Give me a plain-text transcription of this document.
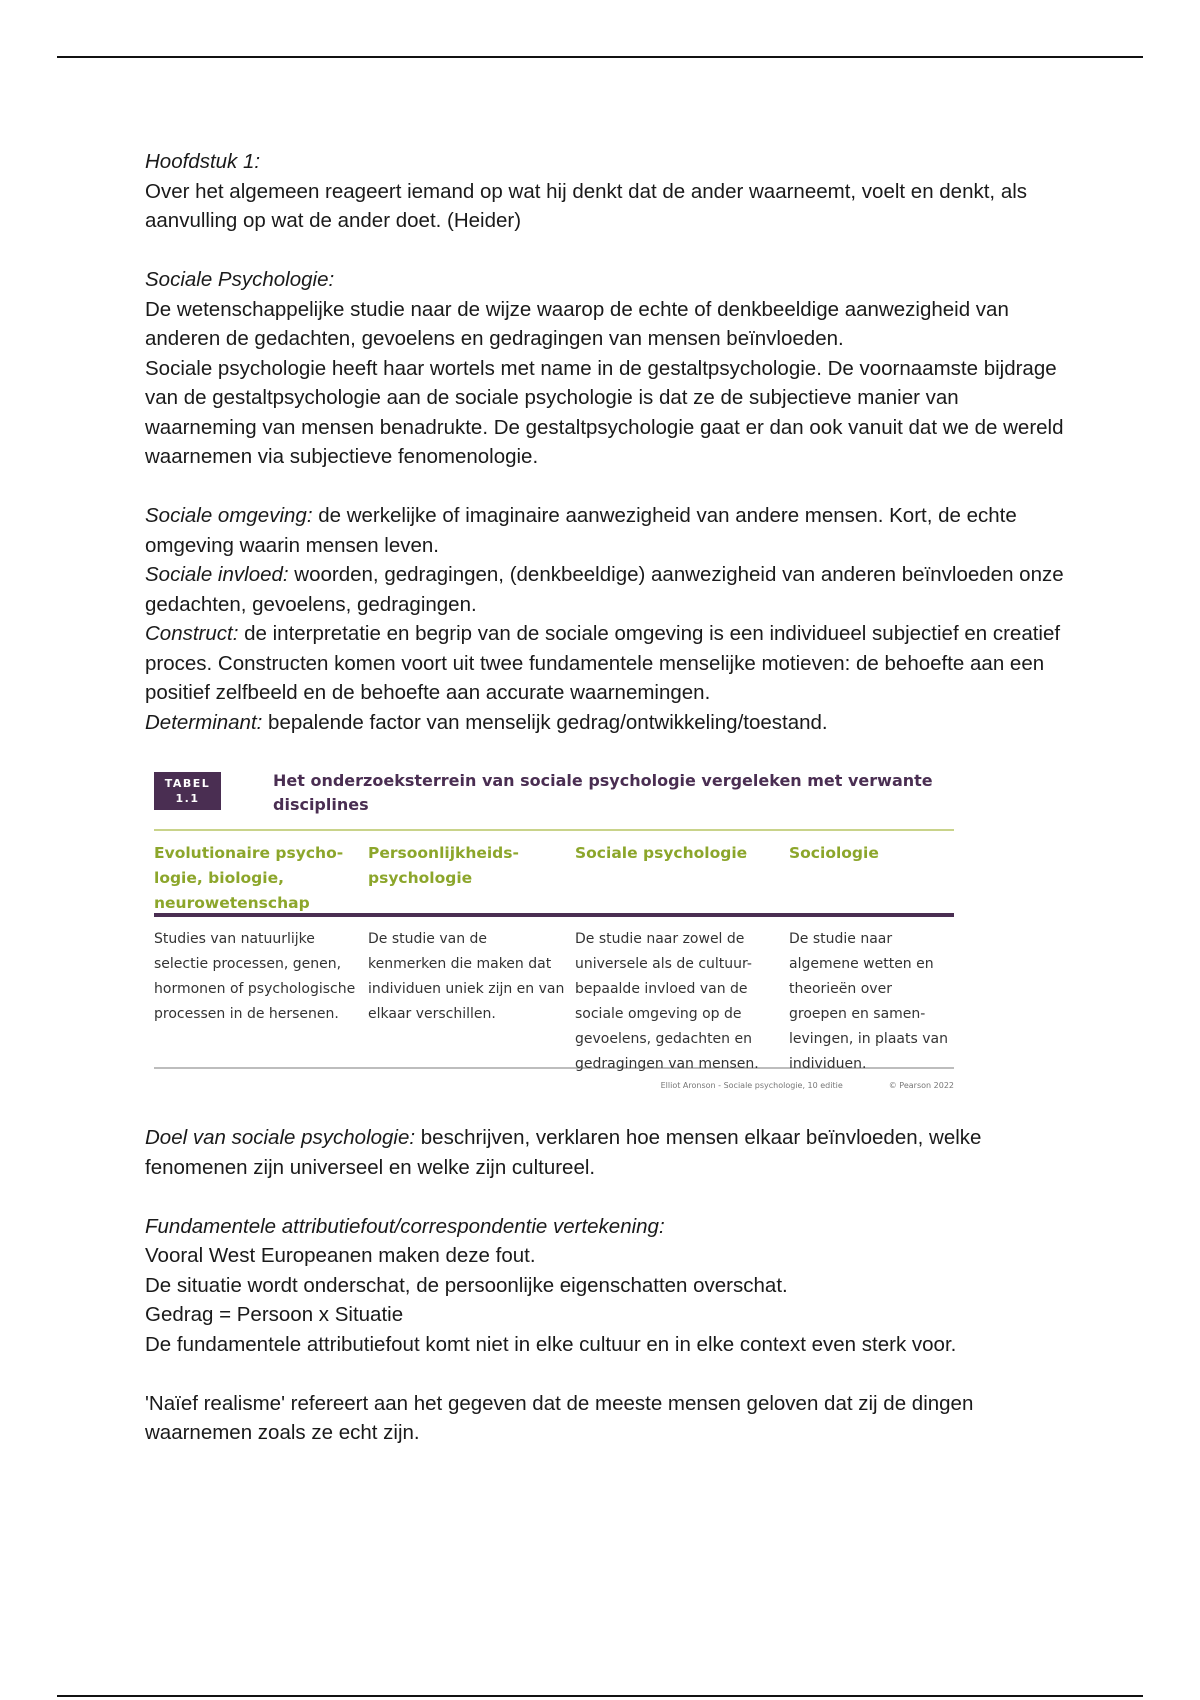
Hoofdstuk 1:

Over het algemeen reageert iemand op wat hij denkt dat de ander waarneemt, voelt en denkt, als aanvulling op wat de ander doet. (Heider)

Sociale Psychologie:

De wetenschappelijke studie naar de wijze waarop de echte of denkbeeldige aanwezigheid van anderen de gedachten, gevoelens en gedragingen van mensen beïnvloeden.

Sociale psychologie heeft haar wortels met name in de gestaltpsychologie. De voornaamste bijdrage van de gestaltpsychologie aan de sociale psychologie is dat ze de subjectieve manier van waarneming van mensen benadrukte. De gestaltpsychologie gaat er dan ook vanuit dat we de wereld waarnemen via subjectieve fenomenologie.

Sociale omgeving: de werkelijke of imaginaire aanwezigheid van andere mensen. Kort, de echte omgeving waarin mensen leven.

Sociale invloed: woorden, gedragingen, (denkbeeldige) aanwezigheid van anderen beïnvloeden onze gedachten, gevoelens, gedragingen.

Construct: de interpretatie en begrip van de sociale omgeving is een individueel subjectief en creatief proces. Constructen komen voort uit twee fundamentele menselijke motieven: de behoefte aan een positief zelfbeeld en de behoefte aan accurate waarnemingen.

Determinant: bepalende factor van menselijk gedrag/ontwikkeling/toestand.

TABEL 1.1
Het onderzoeksterrein van sociale psychologie vergeleken met verwante disciplines
Evolutionaire psycho-logie, biologie, neurowetenschap
Persoonlijkheids-psychologie
Sociale psychologie	Sociologie
Studies van natuurlijke selectie processen, genen, hormonen of psychologische processen in de hersenen.
De studie van de kenmerken die maken dat individuen uniek zijn en van elkaar verschillen.
De studie naar zowel de universele als de cultuur-bepaalde invloed van de sociale omgeving op de gevoelens, gedachten en gedragingen van mensen.
De studie naar algemene wetten en theorieën over groepen en samen-levingen, in plaats van individuen.
Elliot Aronson - Sociale psychologie, 10 editie	© Pearson 2022

Doel van sociale psychologie: beschrijven, verklaren hoe mensen elkaar beïnvloeden, welke fenomenen zijn universeel en welke zijn cultureel.

Fundamentele attributiefout/correspondentie vertekening:

Vooral West Europeanen maken deze fout.

De situatie wordt onderschat, de persoonlijke eigenschatten overschat.

Gedrag = Persoon x Situatie

De fundamentele attributiefout komt niet in elke cultuur en in elke context even sterk voor.

'Naïef realisme' refereert aan het gegeven dat de meeste mensen geloven dat zij de dingen waarnemen zoals ze echt zijn.
